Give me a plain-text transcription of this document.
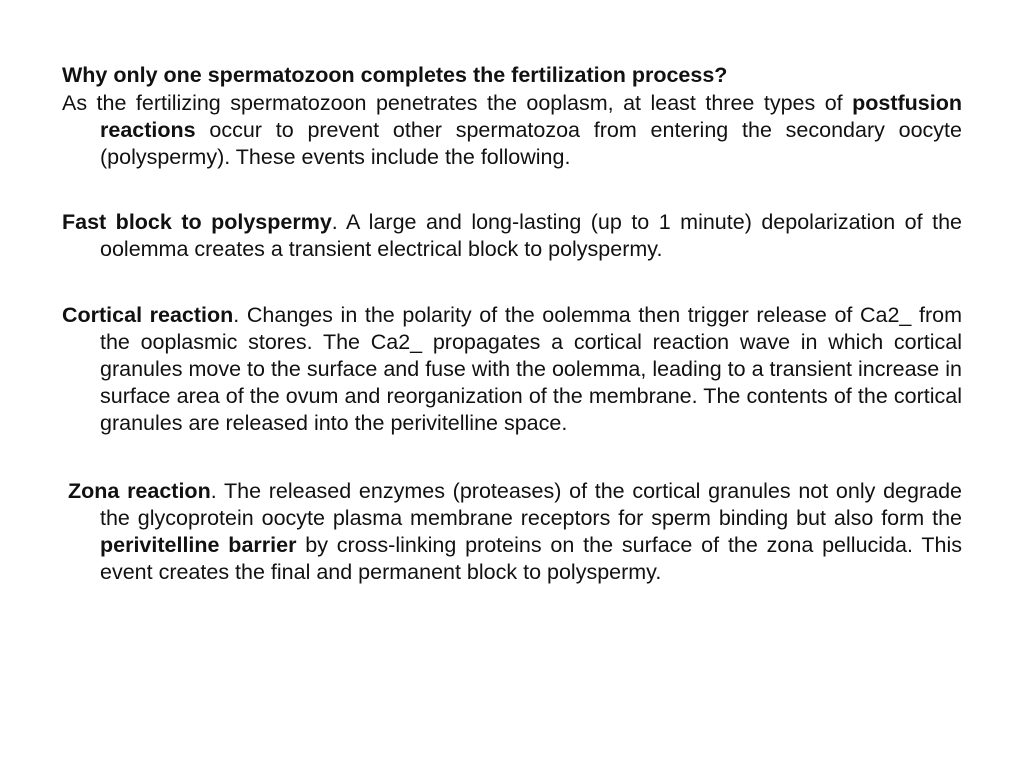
Why only one spermatozoon completes the fertilization process?

As the fertilizing spermatozoon penetrates the ooplasm, at least three types of postfusion reactions occur to prevent other spermatozoa from entering the secondary oocyte (polyspermy). These events include the following.

Fast block to polyspermy. A large and long-lasting (up to 1 minute) depolarization of the oolemma creates a transient electrical block to polyspermy.

Cortical reaction. Changes in the polarity of the oolemma then trigger release of Ca2_ from the ooplasmic stores. The Ca2_ propagates a cortical reaction wave in which cortical granules move to the surface and fuse with the oolemma, leading to a transient increase in surface area of the ovum and reorganization of the membrane. The contents of the cortical granules are released into the perivitelline space.

Zona reaction. The released enzymes (proteases) of the cortical granules not only degrade the glycoprotein oocyte plasma membrane receptors for sperm binding but also form the perivitelline barrier by cross-linking proteins on the surface of the zona pellucida. This event creates the final and permanent block to polyspermy.
